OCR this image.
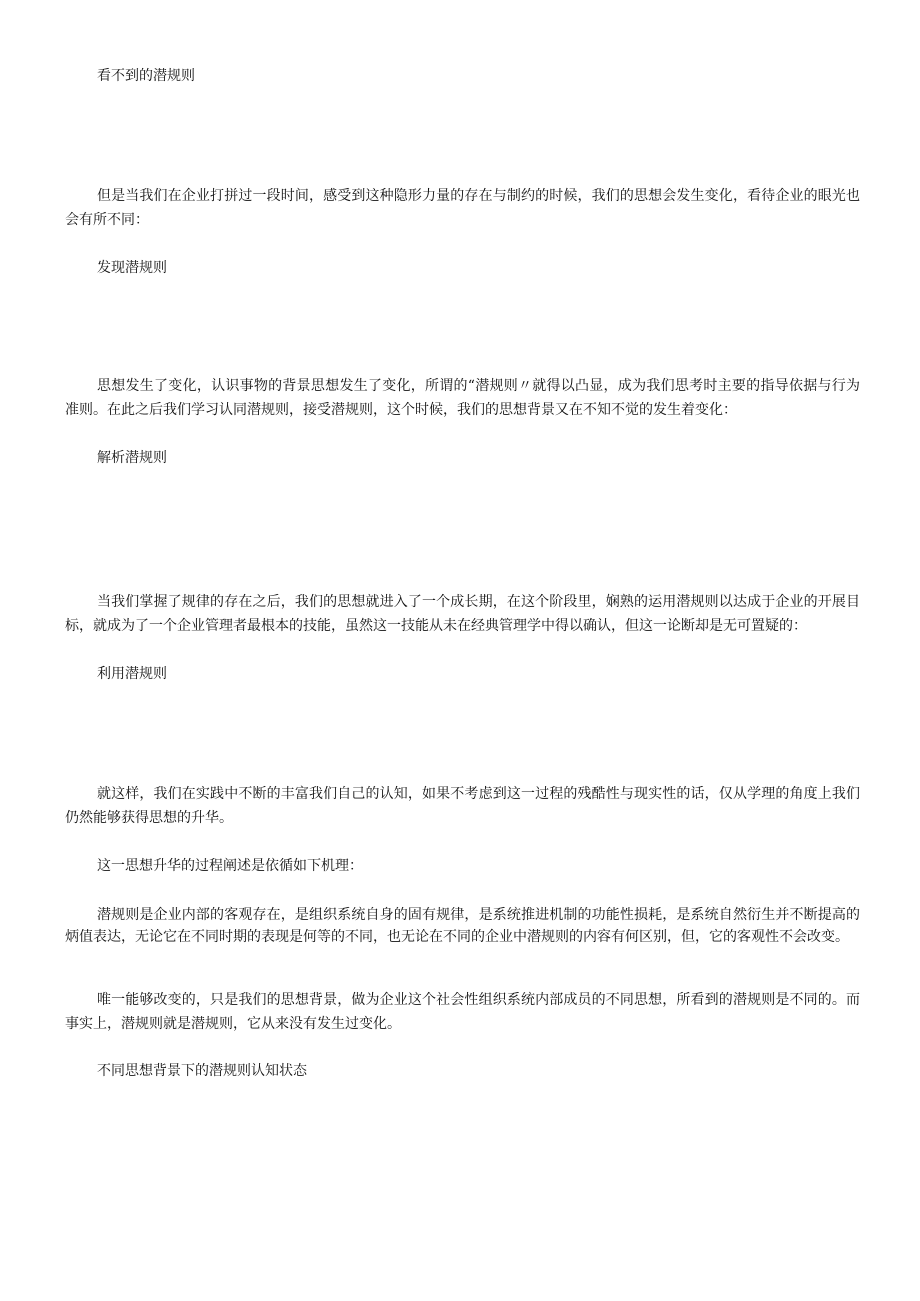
看不到的潜规则
但是当我们在企业打拼过一段时间，感受到这种隐形力量的存在与制约的时候，我们的思想会发生变化，看待企业的眼光也会有所不同：
发现潜规则
思想发生了变化，认识事物的背景思想发生了变化，所谓的“潜规则〃就得以凸显，成为我们思考时主要的指导依据与行为准则。在此之后我们学习认同潜规则，接受潜规则，这个时候，我们的思想背景又在不知不觉的发生着变化：
解析潜规则
当我们掌握了规律的存在之后，我们的思想就进入了一个成长期，在这个阶段里，娴熟的运用潜规则以达成于企业的开展目标，就成为了一个企业管理者最根本的技能，虽然这一技能从未在经典管理学中得以确认，但这一论断却是无可置疑的：
利用潜规则
就这样，我们在实践中不断的丰富我们自己的认知，如果不考虑到这一过程的残酷性与现实性的话，仅从学理的角度上我们仍然能够获得思想的升华。
这一思想升华的过程阐述是依循如下机理：
潜规则是企业内部的客观存在，是组织系统自身的固有规律，是系统推进机制的功能性损耗，是系统自然衍生并不断提高的炳值表达，无论它在不同时期的表现是何等的不同，也无论在不同的企业中潜规则的内容有何区别，但，它的客观性不会改变。
唯一能够改变的，只是我们的思想背景，做为企业这个社会性组织系统内部成员的不同思想，所看到的潜规则是不同的。而事实上，潜规则就是潜规则，它从来没有发生过变化。
不同思想背景下的潜规则认知状态
